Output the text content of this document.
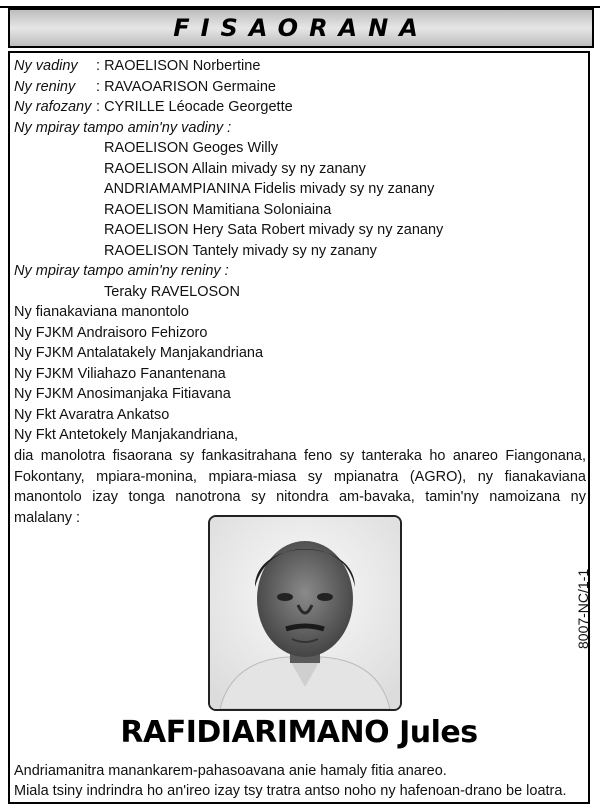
FISAORANA
Ny vadiny : RAOELISON Norbertine
Ny reniny : RAVAOARISON Germaine
Ny rafozany : CYRILLE Léocade Georgette
Ny mpiray tampo amin'ny vadiny :
RAOELISON Geoges Willy
RAOELISON Allain mivady sy ny zanany
ANDRIAMAMPIANINA Fidelis mivady sy ny zanany
RAOELISON Mamitiana Soloniaina
RAOELISON Hery Sata Robert mivady sy ny zanany
RAOELISON Tantely mivady sy ny zanany
Ny mpiray tampo amin'ny reniny :
Teraky RAVELOSON
Ny fianakaviana manontolo
Ny FJKM Andraisoro Fehizoro
Ny FJKM Antalatakely Manjakandriana
Ny FJKM Viliahazo Fanantenana
Ny FJKM Anosimanjaka Fitiavana
Ny Fkt Avaratra Ankatso
Ny Fkt Antetokely Manjakandriana,
dia manolotra fisaorana sy fankasitrahana feno sy tanteraka ho anareo Fiangonana, Fokontany, mpiara-monina, mpiara-miasa sy mpianatra (AGRO), ny fianakaviana manontolo izay tonga nanotrona sy nitondra am-bavaka, tamin'ny namoizana ny malalany :
8007-NC/1-1
RAFIDIARIMANO Jules
Andriamanitra manankarem-pahasoavana anie hamaly fitia anareo.
Miala tsiny indrindra ho an'ireo izay tsy tratra antso noho ny hafenoan-drano be loatra.
